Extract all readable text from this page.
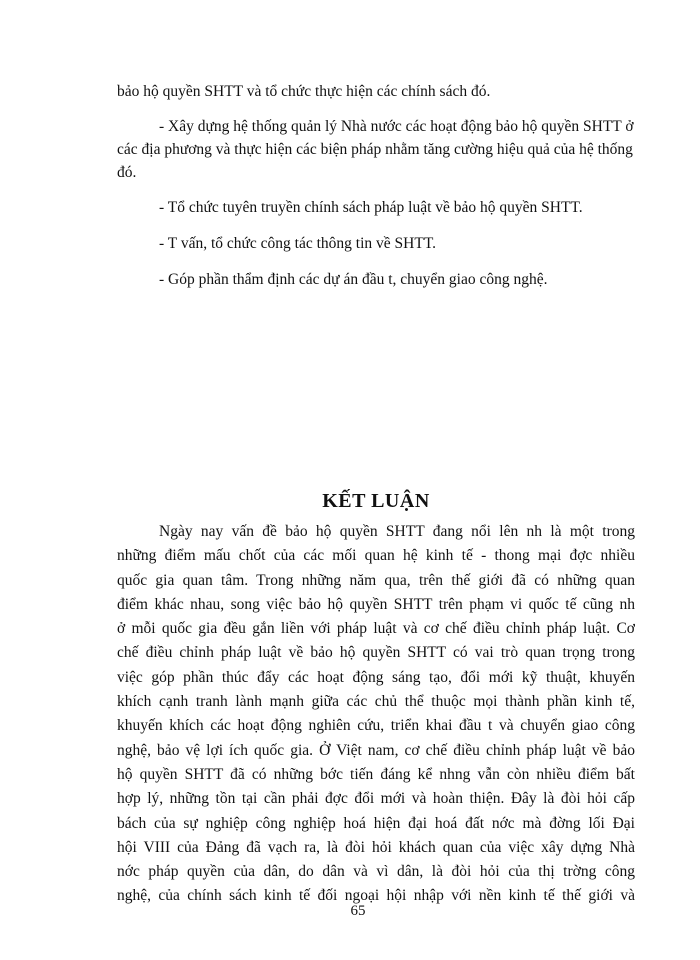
bảo hộ quyền SHTT và tổ chức thực hiện các chính sách đó.

- Xây dựng hệ thống quản lý Nhà nước các hoạt động bảo hộ quyền SHTT ở các địa phương và thực hiện các biện pháp nhằm tăng cường hiệu quả của hệ thống đó.

- Tổ chức tuyên truyền chính sách pháp luật về bảo hộ quyền SHTT.

- T vấn, tổ chức công tác thông tin về SHTT.

- Góp phần thẩm định các dự án đầu t, chuyển giao công nghệ.

KẾT LUẬN
Ngày nay vấn đề bảo hộ quyền SHTT đang nổi lên nh là một trong
những điểm mấu chốt của các mối quan hệ kinh tế - thong mại đợc nhiều
quốc gia quan tâm. Trong những năm qua, trên thế giới đã có những quan
điểm khác nhau, song việc bảo hộ quyền SHTT trên phạm vi quốc tế cũng nh
ở mỗi quốc gia đều gắn liền với pháp luật và cơ chế điều chỉnh pháp luật. Cơ
chế điều chỉnh pháp luật về bảo hộ quyền SHTT có vai trò quan trọng trong
việc góp phần thúc đẩy các hoạt động sáng tạo, đổi mới kỹ thuật, khuyến
khích cạnh tranh lành mạnh giữa các chủ thể thuộc mọi thành phần kinh tế,
khuyến khích các hoạt động nghiên cứu, triển khai đầu t và chuyển giao công
nghệ, bảo vệ lợi ích quốc gia. Ở Việt nam, cơ chế điều chỉnh pháp luật về bảo
hộ quyền SHTT đã có những bớc tiến đáng kể nhng vẫn còn nhiều điểm bất
hợp lý, những tồn tại cần phải đợc đổi mới và hoàn thiện. Đây là đòi hỏi cấp
bách của sự nghiệp công nghiệp hoá hiện đại hoá đất nớc mà đờng lối Đại
hội VIII của Đảng đã vạch ra, là đòi hỏi khách quan của việc xây dựng Nhà
nớc pháp quyền của dân, do dân và vì dân, là đòi hỏi của thị trờng công
nghệ, của chính sách kinh tế đối ngoại hội nhập với nền kinh tế thế giới và
65
